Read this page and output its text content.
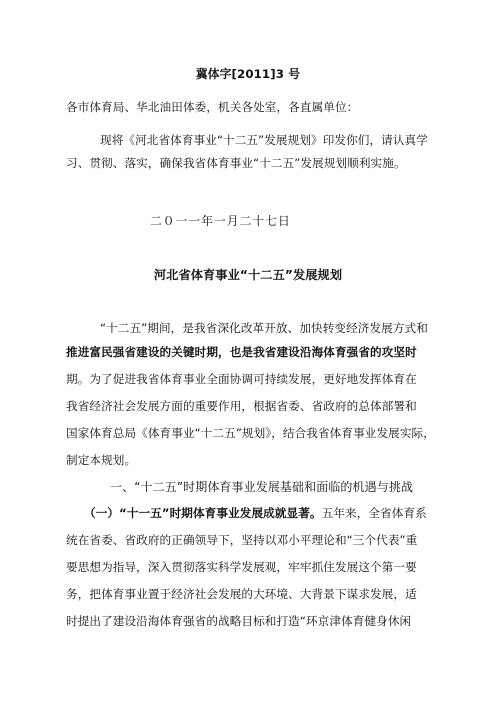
冀体字[2011]3 号
各市体育局、华北油田体委，机关各处室，各直属单位：
现将《河北省体育事业“十二五”发展规划》印发你们，请认真学
习、贯彻、落实，确保我省体育事业“十二五”发展规划顺利实施。
二０一一年一月二十七日
河北省体育事业“十二五”发展规划
“十二五”期间，是我省深化改革开放、加快转变经济发展方式和
推进富民强省建设的关键时期，也是我省建设沿海体育强省的攻坚时
期。为了促进我省体育事业全面协调可持续发展，更好地发挥体育在
我省经济社会发展方面的重要作用，根据省委、省政府的总体部署和
国家体育总局《体育事业“十二五”规划》，结合我省体育事业发展实际，
制定本规划。
一、“十二五”时期体育事业发展基础和面临的机遇与挑战
（一）“十一五”时期体育事业发展成就显著。五年来，全省体育系
统在省委、省政府的正确领导下，坚持以邓小平理论和“三个代表”重
要思想为指导，深入贯彻落实科学发展观，牢牢抓住发展这个第一要
务，把体育事业置于经济社会发展的大环境、大背景下谋求发展，适
时提出了建设沿海体育强省的战略目标和打造“环京津体育健身休闲
